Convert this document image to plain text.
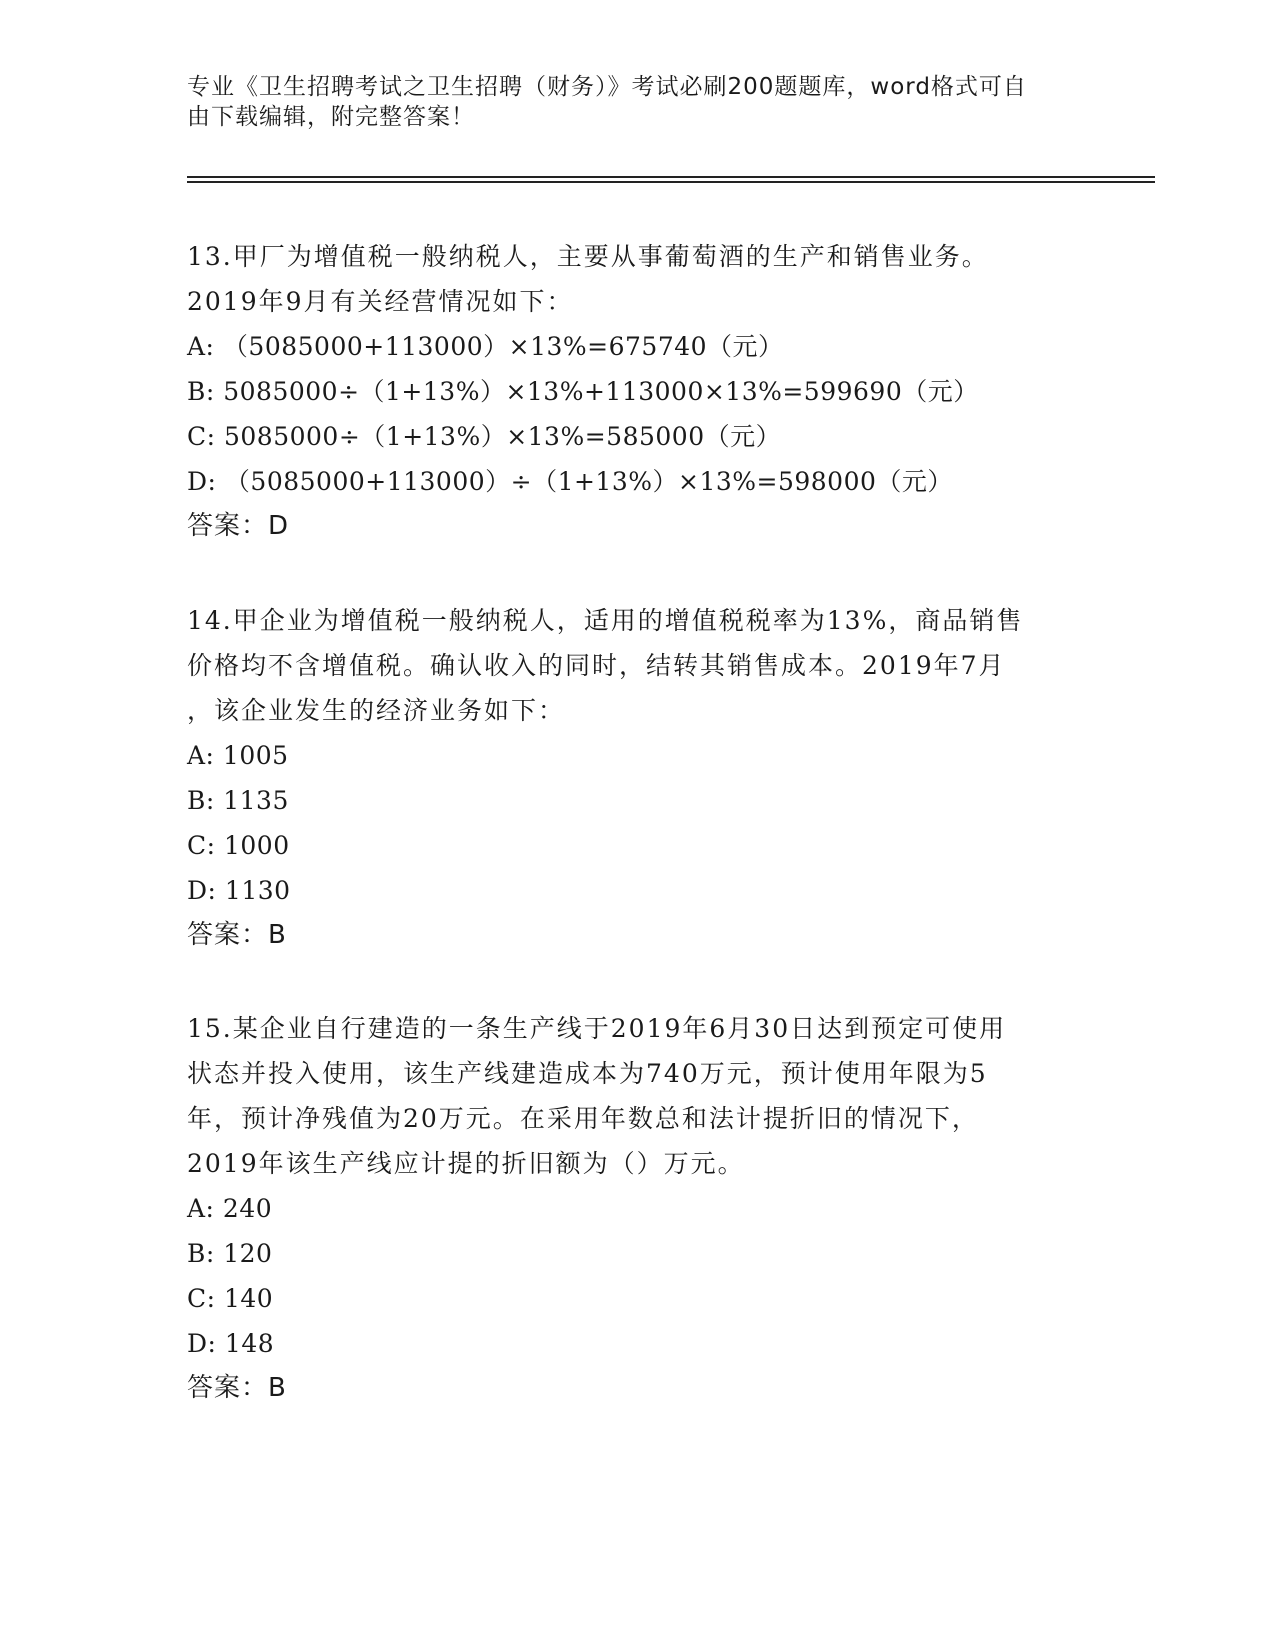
专业《卫生招聘考试之卫生招聘（财务）》考试必刷200题题库，word格式可自
由下载编辑，附完整答案！
13.甲厂为增值税一般纳税人，主要从事葡萄酒的生产和销售业务。
2019年9月有关经营情况如下：
A: （5085000+113000）×13%=675740（元）
B: 5085000÷（1+13%）×13%+113000×13%=599690（元）
C: 5085000÷（1+13%）×13%=585000（元）
D: （5085000+113000）÷（1+13%）×13%=598000（元）
答案：D
14.甲企业为增值税一般纳税人，适用的增值税税率为13%，商品销售
价格均不含增值税。确认收入的同时，结转其销售成本。2019年7月
，该企业发生的经济业务如下：
A: 1005
B: 1135
C: 1000
D: 1130
答案：B
15.某企业自行建造的一条生产线于2019年6月30日达到预定可使用
状态并投入使用，该生产线建造成本为740万元，预计使用年限为5
年，预计净残值为20万元。在采用年数总和法计提折旧的情况下，
2019年该生产线应计提的折旧额为（）万元。
A: 240
B: 120
C: 140
D: 148
答案：B
